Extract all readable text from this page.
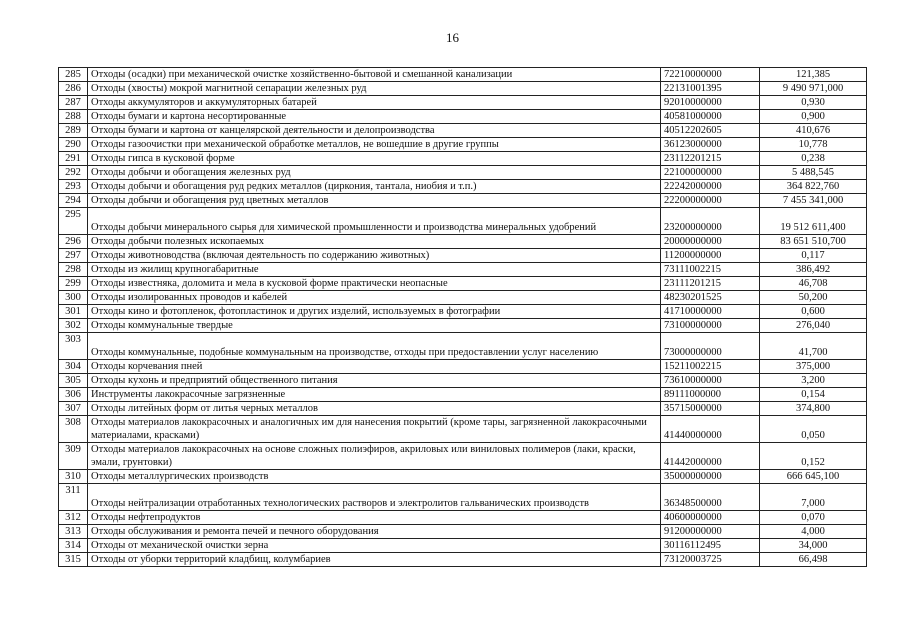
16
285	Отходы (осадки) при механической очистке хозяйственно-бытовой и смешанной канализации	72210000000	121,385
286	Отходы (хвосты) мокрой магнитной сепарации железных руд	22131001395	9 490 971,000
287	Отходы аккумуляторов и аккумуляторных батарей	92010000000	0,930
288	Отходы бумаги и картона несортированные	40581000000	0,900
289	Отходы бумаги и картона от канцелярской деятельности и делопроизводства	40512202605	410,676
290	Отходы газоочистки при механической обработке металлов, не вошедшие в другие группы	36123000000	10,778
291	Отходы гипса в кусковой форме	23112201215	0,238
292	Отходы добычи и обогащения железных руд	22100000000	5 488,545
293	Отходы добычи и обогащения руд редких металлов (циркония, тантала, ниобия и т.п.)	22242000000	364 822,760
294	Отходы добычи и обогащения руд цветных металлов	22200000000	7 455 341,000
295	Отходы добычи минерального сырья для химической промышленности и производства минеральных удобрений	23200000000	19 512 611,400
296	Отходы добычи полезных ископаемых	20000000000	83 651 510,700
297	Отходы животноводства (включая деятельность по содержанию животных)	11200000000	0,117
298	Отходы из жилищ крупногабаритные	73111002215	386,492
299	Отходы известняка, доломита и мела в кусковой форме практически неопасные	23111201215	46,708
300	Отходы изолированных проводов и кабелей	48230201525	50,200
301	Отходы кино и фотопленок, фотопластинок и других изделий, используемых в фотографии	41710000000	0,600
302	Отходы коммунальные твердые	73100000000	276,040
303	Отходы коммунальные, подобные коммунальным на производстве, отходы при предоставлении услуг населению	73000000000	41,700
304	Отходы корчевания пней	15211002215	375,000
305	Отходы кухонь и предприятий общественного питания	73610000000	3,200
306	Инструменты лакокрасочные загрязненные	89111000000	0,154
307	Отходы литейных форм от литья черных металлов	35715000000	374,800
308	Отходы материалов лакокрасочных и аналогичных им для нанесения покрытий (кроме тары, загрязненной лакокрасочными материалами, красками)	41440000000	0,050
309	Отходы материалов лакокрасочных на основе сложных полиэфиров, акриловых или виниловых полимеров (лаки, краски, эмали, грунтовки)	41442000000	0,152
310	Отходы металлургических производств	35000000000	666 645,100
311	Отходы нейтрализации отработанных технологических растворов и электролитов гальванических производств	36348500000	7,000
312	Отходы нефтепродуктов	40600000000	0,070
313	Отходы обслуживания и ремонта печей и печного оборудования	91200000000	4,000
314	Отходы от механической очистки зерна	30116112495	34,000
315	Отходы от уборки территорий кладбищ, колумбариев	73120003725	66,498
